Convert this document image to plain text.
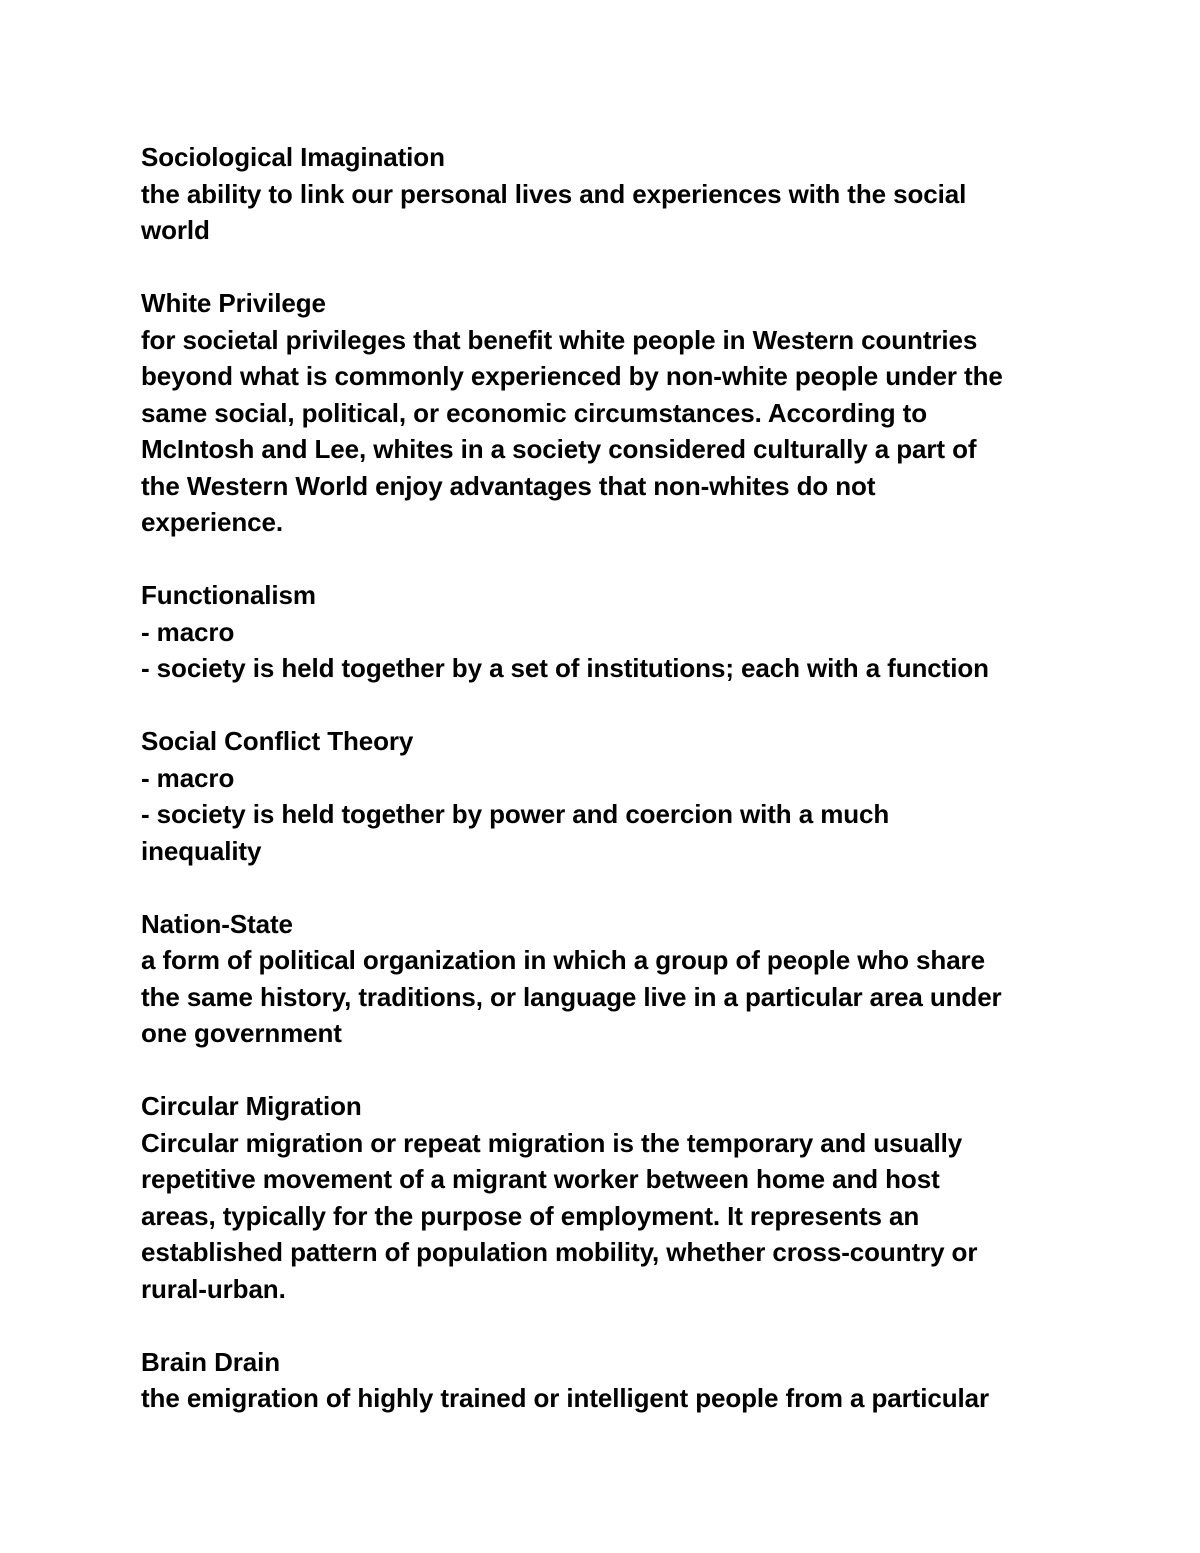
Sociological Imagination
the ability to link our personal lives and experiences with the social
world
White Privilege
for societal privileges that benefit white people in Western countries
beyond what is commonly experienced by non-white people under the
same social, political, or economic circumstances. According to
McIntosh and Lee, whites in a society considered culturally a part of
the Western World enjoy advantages that non-whites do not
experience.
Functionalism
- macro
- society is held together by a set of institutions; each with a function
Social Conflict Theory
- macro
- society is held together by power and coercion with a much
inequality
Nation-State
a form of political organization in which a group of people who share
the same history, traditions, or language live in a particular area under
one government
Circular Migration
Circular migration or repeat migration is the temporary and usually
repetitive movement of a migrant worker between home and host
areas, typically for the purpose of employment. It represents an
established pattern of population mobility, whether cross-country or
rural-urban.
Brain Drain
the emigration of highly trained or intelligent people from a particular
